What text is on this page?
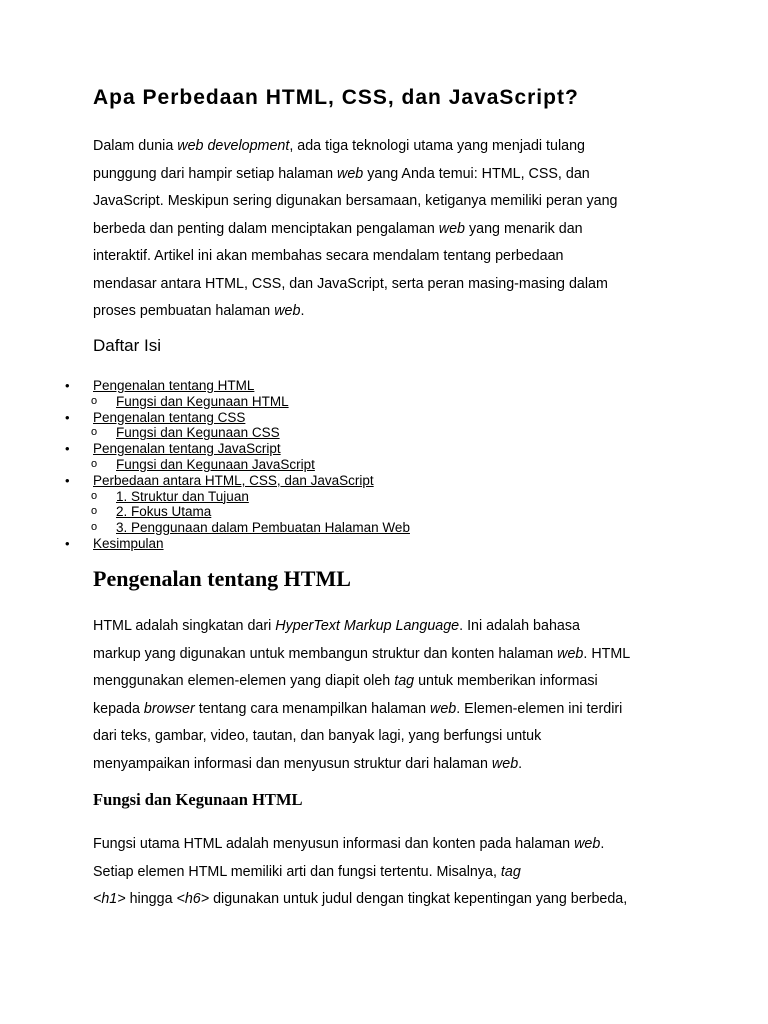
Apa Perbedaan HTML, CSS, dan JavaScript?
Dalam dunia web development, ada tiga teknologi utama yang menjadi tulang
punggung dari hampir setiap halaman web yang Anda temui: HTML, CSS, dan
JavaScript. Meskipun sering digunakan bersamaan, ketiganya memiliki peran yang
berbeda dan penting dalam menciptakan pengalaman web yang menarik dan
interaktif. Artikel ini akan membahas secara mendalam tentang perbedaan
mendasar antara HTML, CSS, dan JavaScript, serta peran masing-masing dalam
proses pembuatan halaman web.
Daftar Isi
• Pengenalan tentang HTML
o Fungsi dan Kegunaan HTML
• Pengenalan tentang CSS
o Fungsi dan Kegunaan CSS
• Pengenalan tentang JavaScript
o Fungsi dan Kegunaan JavaScript
• Perbedaan antara HTML, CSS, dan JavaScript
o 1. Struktur dan Tujuan
o 2. Fokus Utama
o 3. Penggunaan dalam Pembuatan Halaman Web
• Kesimpulan
Pengenalan tentang HTML
HTML adalah singkatan dari HyperText Markup Language. Ini adalah bahasa
markup yang digunakan untuk membangun struktur dan konten halaman web. HTML
menggunakan elemen-elemen yang diapit oleh tag untuk memberikan informasi
kepada browser tentang cara menampilkan halaman web. Elemen-elemen ini terdiri
dari teks, gambar, video, tautan, dan banyak lagi, yang berfungsi untuk
menyampaikan informasi dan menyusun struktur dari halaman web.
Fungsi dan Kegunaan HTML
Fungsi utama HTML adalah menyusun informasi dan konten pada halaman web.
Setiap elemen HTML memiliki arti dan fungsi tertentu. Misalnya, tag
<h1> hingga <h6> digunakan untuk judul dengan tingkat kepentingan yang berbeda,
